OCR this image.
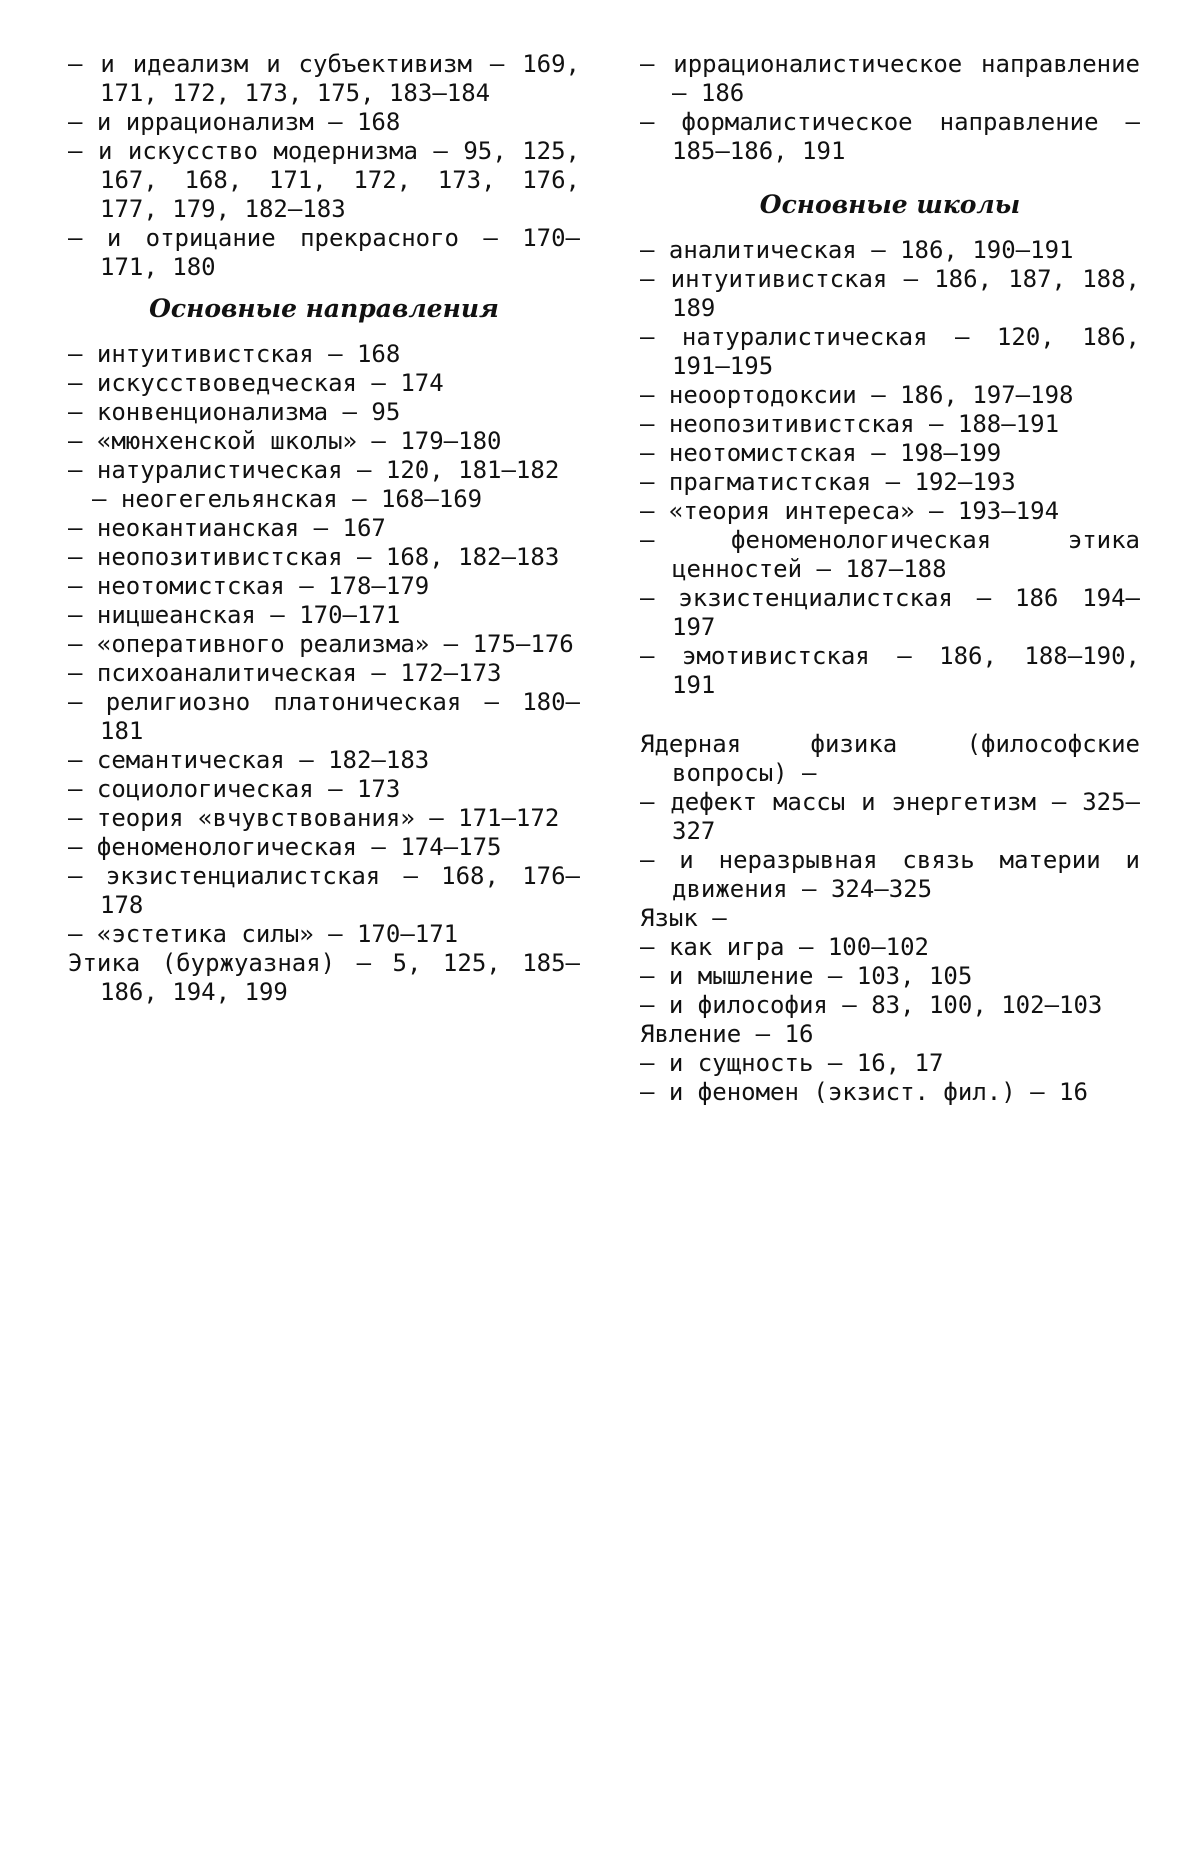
— и идеализм и субъективизм — 169, 171, 172, 173, 175, 183—184
— и иррационализм — 168
— и искусство модернизма — 95, 125, 167, 168, 171, 172, 173, 176, 177, 179, 182—183
— и отрицание прекрасного — 170—171, 180
Основные направления
— интуитивистская — 168
— искусствоведческая — 174
— конвенционализма — 95
— «мюнхенской школы» — 179—180
— натуралистическая — 120, 181—182
— неогегельянская — 168—169
— неокантианская — 167
— неопозитивистская — 168, 182—183
— неотомистская — 178—179
— ницшеанская — 170—171
— «оперативного реализма» — 175—176
— психоаналитическая — 172—173
— религиозно платоническая — 180—181
— семантическая — 182—183
— социологическая — 173
— теория «вчувствования» — 171—172
— феноменологическая — 174—175
— экзистенциалистская — 168, 176—178
— «эстетика силы» — 170—171
Этика (буржуазная) — 5, 125, 185—186, 194, 199
— иррационалистическое направление — 186
— формалистическое направление — 185—186, 191
Основные школы
— аналитическая — 186, 190—191
— интуитивистская — 186, 187, 188, 189
— натуралистическая — 120, 186, 191—195
— неоортодоксии — 186, 197—198
— неопозитивистская — 188—191
— неотомистская — 198—199
— прагматистская — 192—193
— «теория интереса» — 193—194
— феноменологическая этика ценностей — 187—188
— экзистенциалистская — 186 194—197
— эмотивистская — 186, 188—190, 191
Ядерная физика (философские вопросы) —
— дефект массы и энергетизм — 325—327
— и неразрывная связь материи и движения — 324—325
Язык —
— как игра — 100—102
— и мышление — 103, 105
— и философия — 83, 100, 102—103
Явление — 16
— и сущность — 16, 17
— и феномен (экзист. фил.) — 16
